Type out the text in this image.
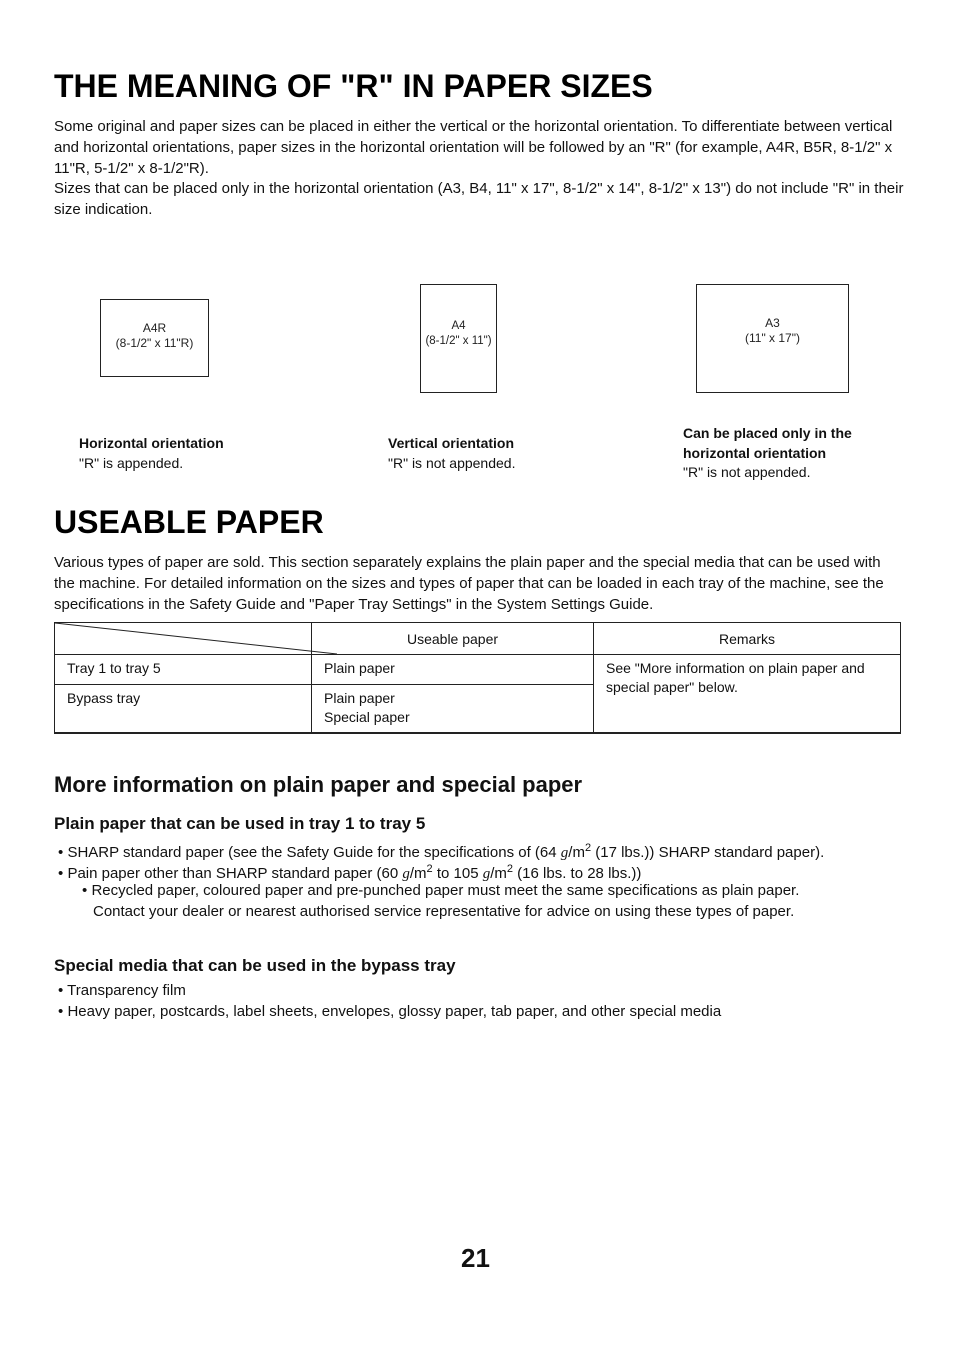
THE MEANING OF "R" IN PAPER SIZES
Some original and paper sizes can be placed in either the vertical or the horizontal orientation. To differentiate between vertical and horizontal orientations, paper sizes in the horizontal orientation will be followed by an "R" (for example, A4R, B5R, 8-1/2" x 11"R, 5-1/2" x 8-1/2"R).
Sizes that can be placed only in the horizontal orientation (A3, B4, 11" x 17", 8-1/2" x 14", 8-1/2" x 13") do not include "R" in their size indication.
A4R
(8-1/2" x 11"R)
A4
(8-1/2" x 11")
A3
(11" x 17")
Horizontal orientation
"R" is appended.
Vertical orientation
"R" is not appended.
Can be placed only in the horizontal orientation
"R" is not appended.
USEABLE PAPER
Various types of paper are sold. This section separately explains the plain paper and the special media that can be used with the machine. For detailed information on the sizes and types of paper that can be loaded in each tray of the machine, see the specifications in the Safety Guide and "Paper Tray Settings" in the System Settings Guide.
	Useable paper	Remarks
Tray 1 to tray 5	Plain paper	See "More information on plain paper and special paper" below.
Bypass tray	Plain paper
Special paper	
More information on plain paper and special paper
Plain paper that can be used in tray 1 to tray 5
• SHARP standard paper (see the Safety Guide for the specifications of (64 $g/m^2$ (17 lbs.)) SHARP standard paper).
• Pain paper other than SHARP standard paper (60 $g/m^2$ to 105 $g/m^2$ (16 lbs. to 28 lbs.))
• Recycled paper, coloured paper and pre-punched paper must meet the same specifications as plain paper.
Contact your dealer or nearest authorised service representative for advice on using these types of paper.
Special media that can be used in the bypass tray
• Transparency film
• Heavy paper, postcards, label sheets, envelopes, glossy paper, tab paper, and other special media
21
